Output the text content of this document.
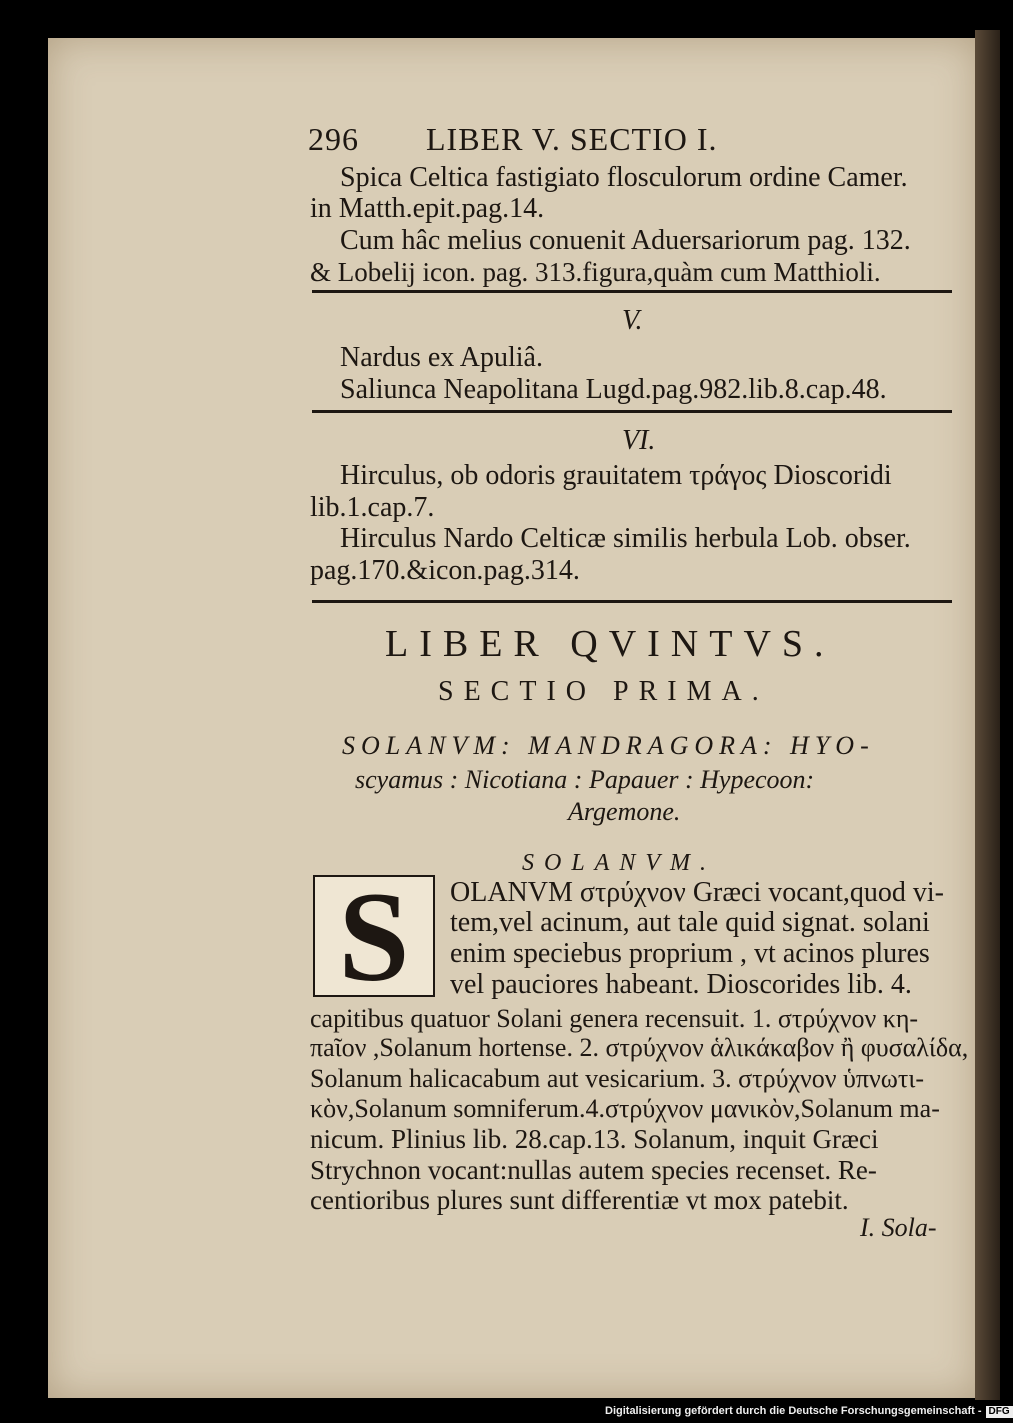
296 LIBER V. SECTIO I.
Spica Celtica fastigiato flosculorum ordine Camer.
in Matth.epit.pag.14.
Cum hâc melius conuenit Aduersariorum pag. 132.
& Lobelij icon. pag. 313.figura,quàm cum Matthioli.
V.
Nardus ex Apuliâ.
Saliunca Neapolitana Lugd.pag.982.lib.8.cap.48.
VI.
Hirculus, ob odoris grauitatem τράγος Dioscoridi
lib.1.cap.7.
Hirculus Nardo Celticæ similis herbula Lob. obser.
pag.170.&icon.pag.314.
LIBER QVINTVS.
SECTIO PRIMA.
SOLANVM: MANDRAGORA: HYO-
scyamus : Nicotiana : Papauer : Hypecoon:
Argemone.
SOLANVM.
S	OLANVM στρύχνον Græci vocant,quod vi-
tem,vel acinum, aut tale quid signat. solani
enim speciebus proprium , vt acinos plures
vel pauciores habeant. Dioscorides lib. 4.
capitibus quatuor Solani genera recensuit. 1. στρύχνον κη-
πaῖον ,Solanum hortense. 2. στρύχνον ἁλικάκαβον ἢ φυσαλίδα,
Solanum halicacabum aut vesicarium. 3. στρύχνον ὑπνωτι-
κὸν,Solanum somniferum.4.στρύχνον μανικὸν,Solanum ma-
nicum. Plinius lib. 28.cap.13. Solanum, inquit Græci
Strychnon vocant:nullas autem species recenset. Re-
centioribus plures sunt differentiæ vt mox patebit.
I. Sola-
Digitalisierung gefördert durch die Deutsche Forschungsgemeinschaft - DFG
